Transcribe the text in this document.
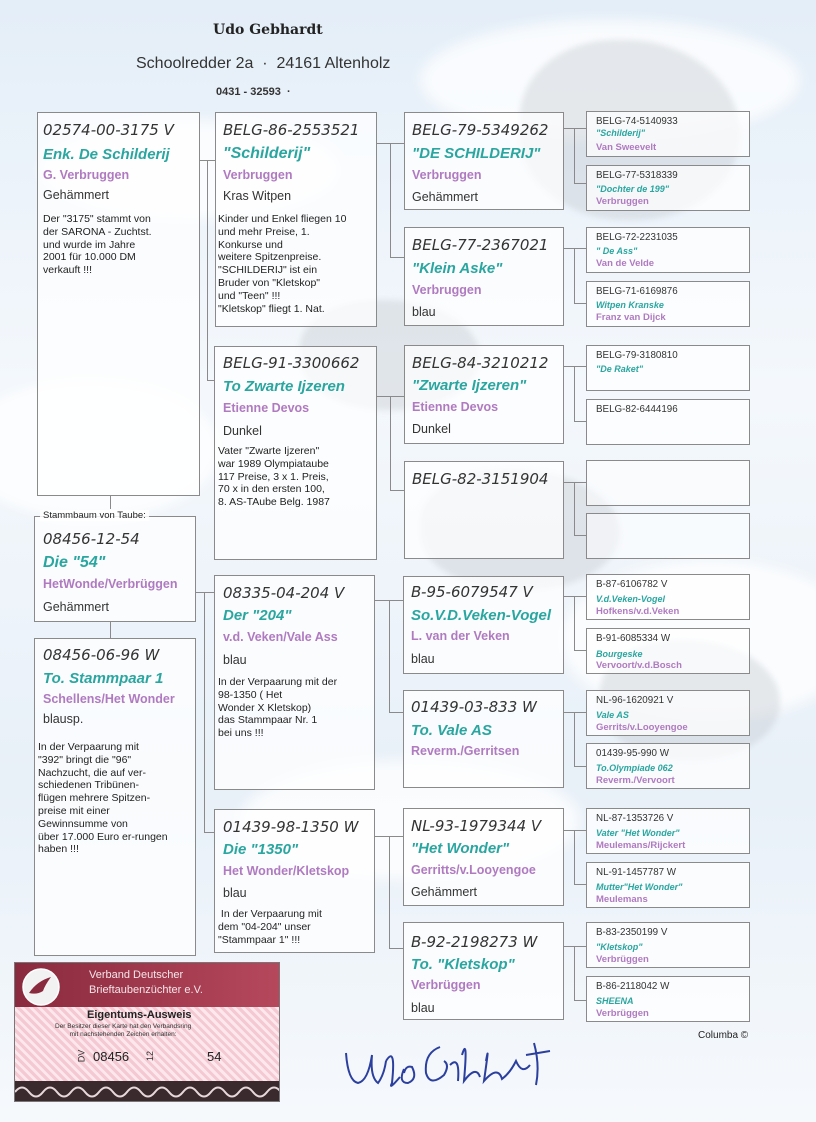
Udo Gebhardt
Schoolredder 2a  ·  24161 Altenholz
0431 - 32593  ·
02574-00-3175 V
Enk. De Schilderij
G. Verbruggen
Gehämmert
Der "3175" stammt von
der SARONA - Zuchtst.
und wurde im Jahre
2001 für 10.000 DM
verkauft !!!
BELG-86-2553521
"Schilderij"
Verbruggen
Kras Witpen
Kinder und Enkel fliegen 10
und mehr Preise, 1.
Konkurse und
weitere Spitzenpreise.
"SCHILDERIJ" ist ein
Bruder von "Kletskop"
und "Teen" !!!
"Kletskop" fliegt 1. Nat.
BELG-91-3300662
To Zwarte Ijzeren
Etienne Devos
Dunkel
Vater "Zwarte Ijzeren"
war 1989 Olympiataube
117 Preise, 3 x 1. Preis,
70 x in den ersten 100,
8. AS-TAube Belg. 1987
BELG-79-5349262
"DE SCHILDERIJ"
Verbruggen
Gehämmert
BELG-77-2367021
"Klein Aske"
Verbruggen
blau
BELG-84-3210212
"Zwarte Ijzeren"
Etienne Devos
Dunkel
BELG-82-3151904
BELG-74-5140933
"Schilderij"
Van Sweevelt
BELG-77-5318339
"Dochter de 199"
Verbruggen
BELG-72-2231035
" De Ass"
Van de Velde
BELG-71-6169876
Witpen Kranske
Franz van Dijck
BELG-79-3180810
"De Raket"
BELG-82-6444196
Stammbaum von Taube:
08456-12-54
Die "54"
HetWonde/Verbrüggen
Gehämmert
08456-06-96 W
To. Stammpaar 1
Schellens/Het Wonder
blausp.
In der Verpaarung mit
"392" bringt die "96"
Nachzucht, die auf ver-
schiedenen Tribünen-
flügen mehrere Spitzen-
preise mit einer
Gewinnsumme von
über 17.000 Euro er-rungen
haben !!!
08335-04-204 V
Der "204"
v.d. Veken/Vale Ass
blau
In der Verpaarung mit der
98-1350 ( Het
Wonder X Kletskop)
das Stammpaar Nr. 1
bei uns !!!
B-95-6079547 V
So.V.D.Veken-Vogel
L. van der Veken
blau
01439-03-833 W
To. Vale AS
Reverm./Gerritsen
01439-98-1350 W
Die "1350"
Het Wonder/Kletskop
blau
In der Verpaarung mit
dem "04-204" unser
"Stammpaar 1" !!!
NL-93-1979344 V
"Het Wonder"
Gerritts/v.Looyengoe
Gehämmert
B-92-2198273 W
To. "Kletskop"
Verbrüggen
blau
B-87-6106782 V
V.d.Veken-Vogel
Hofkens/v.d.Veken
B-91-6085334 W
Bourgeske
Vervoort/v.d.Bosch
NL-96-1620921 V
Vale AS
Gerrits/v.Looyengoe
01439-95-990 W
To.Olympiade 062
Reverm./Vervoort
NL-87-1353726 V
Vater "Het Wonder"
Meulemans/Rijckert
NL-91-1457787 W
Mutter"Het Wonder"
Meulemans
B-83-2350199 V
"Kletskop"
Verbrüggen
B-86-2118042 W
SHEENA
Verbrüggen
Columba ©
Verband Deutscher
Brieftaubenzüchter e.V.
Eigentums-Ausweis
Der Besitzer dieser Karte hat den Verbandsring
mit nachstehenden Zeichen erhalten:
DV 08456 12	54
